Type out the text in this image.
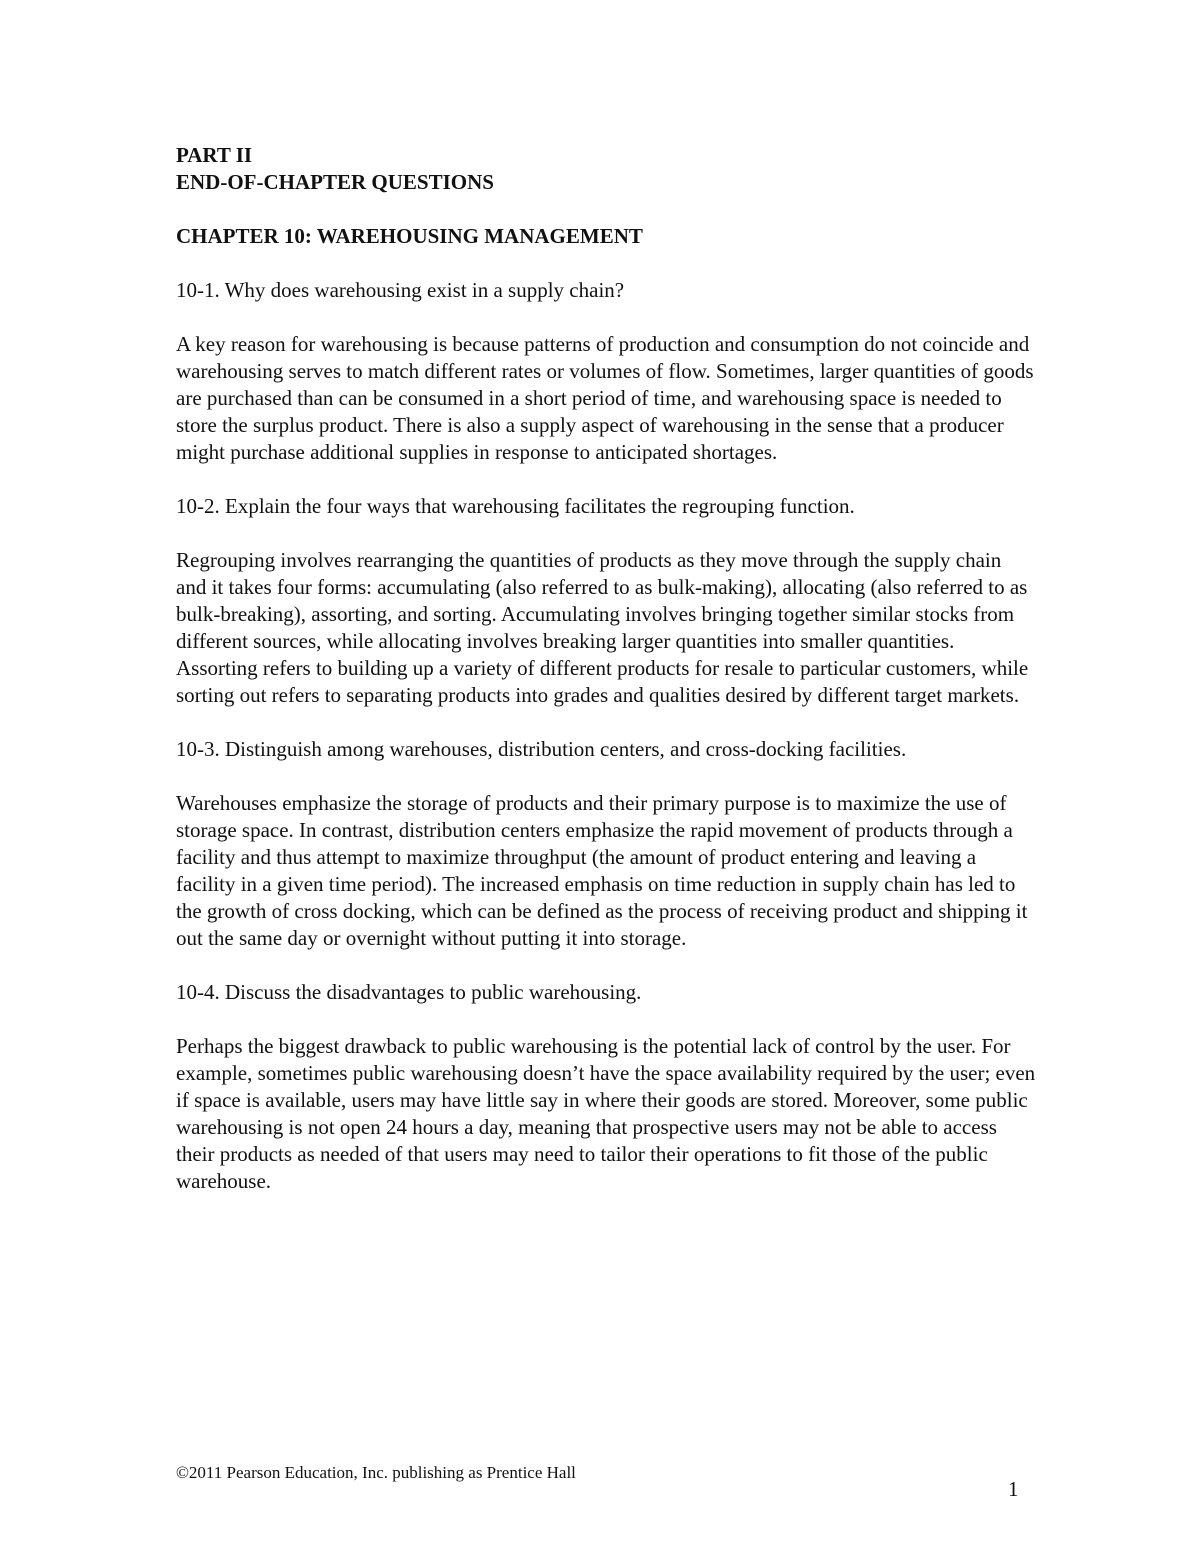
PART II

END-OF-CHAPTER QUESTIONS

CHAPTER 10: WAREHOUSING MANAGEMENT

10-1. Why does warehousing exist in a supply chain?

A key reason for warehousing is because patterns of production and consumption do not coincide and warehousing serves to match different rates or volumes of flow. Sometimes, larger quantities of goods are purchased than can be consumed in a short period of time, and warehousing space is needed to store the surplus product. There is also a supply aspect of warehousing in the sense that a producer might purchase additional supplies in response to anticipated shortages.

10-2. Explain the four ways that warehousing facilitates the regrouping function.

Regrouping involves rearranging the quantities of products as they move through the supply chain and it takes four forms: accumulating (also referred to as bulk-making), allocating (also referred to as bulk-breaking), assorting, and sorting. Accumulating involves bringing together similar stocks from different sources, while allocating involves breaking larger quantities into smaller quantities. Assorting refers to building up a variety of different products for resale to particular customers, while sorting out refers to separating products into grades and qualities desired by different target markets.

10-3. Distinguish among warehouses, distribution centers, and cross-docking facilities.

Warehouses emphasize the storage of products and their primary purpose is to maximize the use of storage space. In contrast, distribution centers emphasize the rapid movement of products through a facility and thus attempt to maximize throughput (the amount of product entering and leaving a facility in a given time period). The increased emphasis on time reduction in supply chain has led to the growth of cross docking, which can be defined as the process of receiving product and shipping it out the same day or overnight without putting it into storage.

10-4. Discuss the disadvantages to public warehousing.

Perhaps the biggest drawback to public warehousing is the potential lack of control by the user. For example, sometimes public warehousing doesn’t have the space availability required by the user; even if space is available, users may have little say in where their goods are stored. Moreover, some public warehousing is not open 24 hours a day, meaning that prospective users may not be able to access their products as needed of that users may need to tailor their operations to fit those of the public warehouse.

©2011 Pearson Education, Inc. publishing as Prentice Hall
1
